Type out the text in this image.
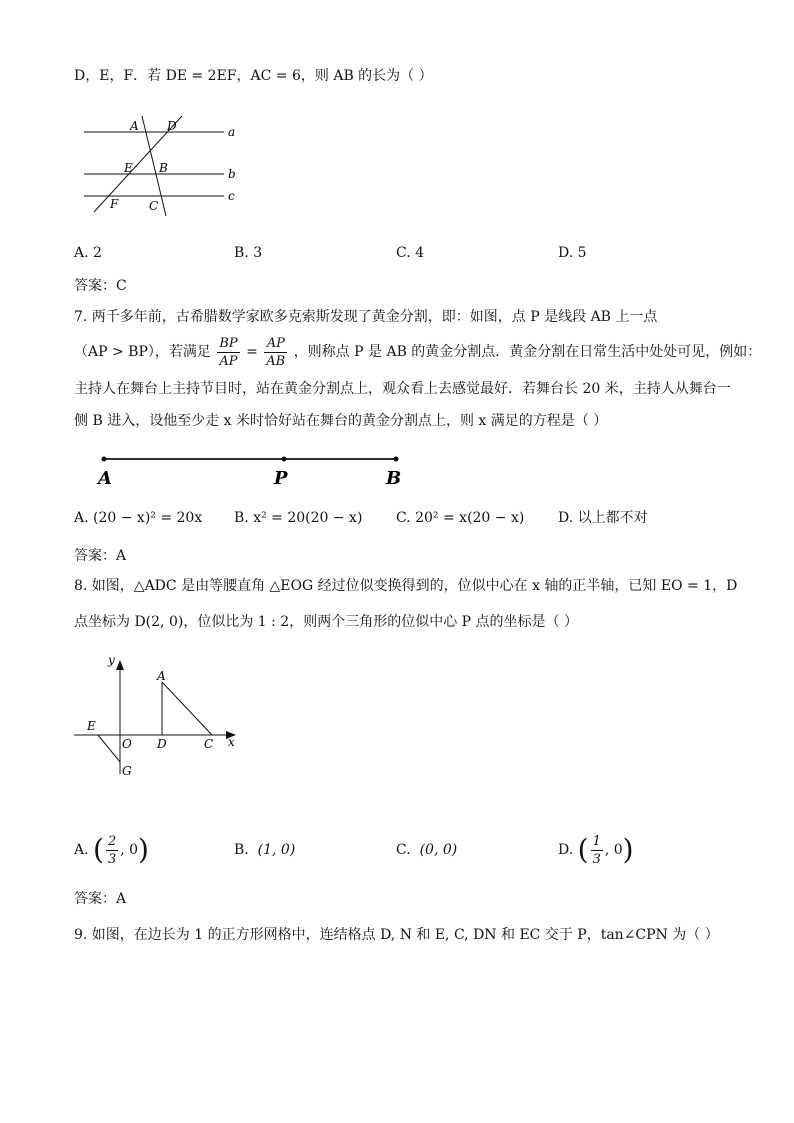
D，E，F．若 DE = 2EF，AC = 6，则 AB 的长为（ ）
A D	a
E B	b
F	C
c
A. 2	B. 3	C. 4	D. 5
答案：C
7. 两千多年前，古希腊数学家欧多克索斯发现了黄金分割，即：如图，点 P 是线段 AB 上一点
（AP > BP），若满足 $\frac{BP}{AP} = \frac{AP}{AB}$ ，则称点 P 是 AB 的黄金分割点．黄金分割在日常生活中处处可见，例如：
主持人在舞台上主持节目时，站在黄金分割点上，观众看上去感觉最好．若舞台长 20 米，主持人从舞台一
侧 B 进入，设他至少走 x 米时恰好站在舞台的黄金分割点上，则 x 满足的方程是（ ）
A	P	B
A. (20 − x)² = 20x B. x² = 20(20 − x) C. 20² = x(20 − x) D. 以上都不对
答案：A
8. 如图，△ADC 是由等腰直角 △EOG 经过位似变换得到的，位似中心在 x 轴的正半轴，已知 EO = 1，D
点坐标为 D(2, 0)，位似比为 1 : 2，则两个三角形的位似中心 P 点的坐标是（ ）
y
A
E
O D	C x
G
A. ( $\frac{2}{3}$ , 0)	B. (1, 0)	C. (0, 0)	D. ( $\frac{1}{3}$ , 0)
答案：A
9. 如图，在边长为 1 的正方形网格中，连结格点 D, N 和 E, C, DN 和 EC 交于 P，tan∠CPN 为（ ）
